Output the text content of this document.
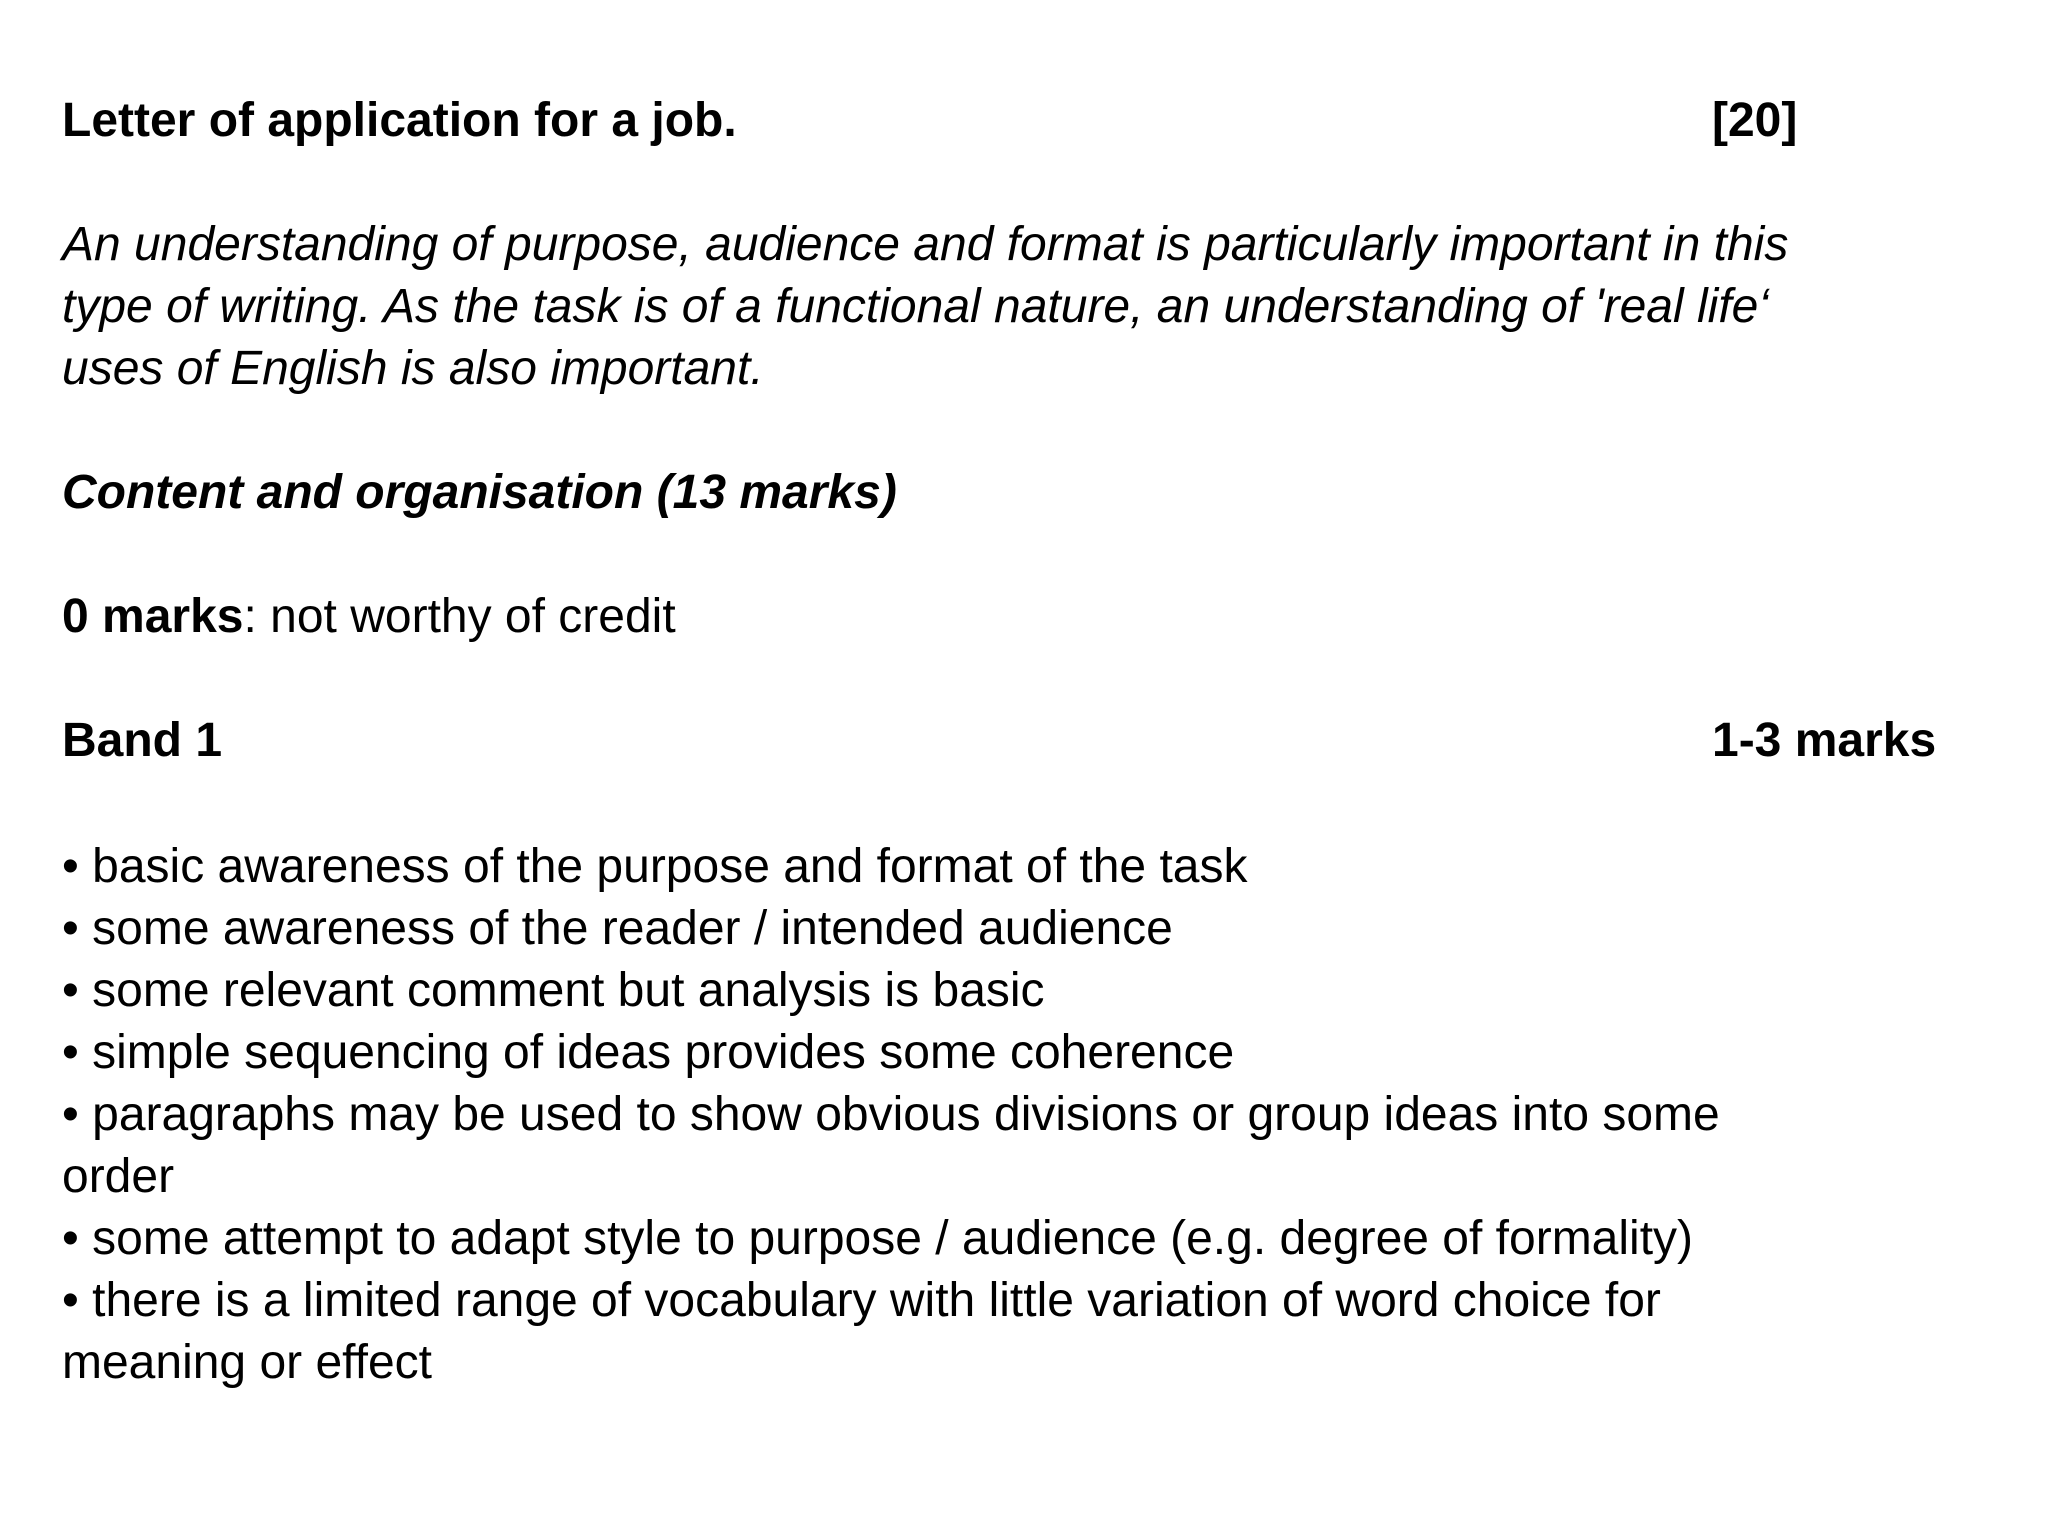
Letter of application for a job.	[20]
An understanding of purpose, audience and format is particularly important in this
type of writing. As the task is of a functional nature, an understanding of 'real life‘
uses of English is also important.
Content and organisation (13 marks)
0 marks: not worthy of credit
Band 1	1-3 marks
• basic awareness of the purpose and format of the task
• some awareness of the reader / intended audience
• some relevant comment but analysis is basic
• simple sequencing of ideas provides some coherence
• paragraphs may be used to show obvious divisions or group ideas into some
order
• some attempt to adapt style to purpose / audience (e.g. degree of formality)
• there is a limited range of vocabulary with little variation of word choice for
meaning or effect
